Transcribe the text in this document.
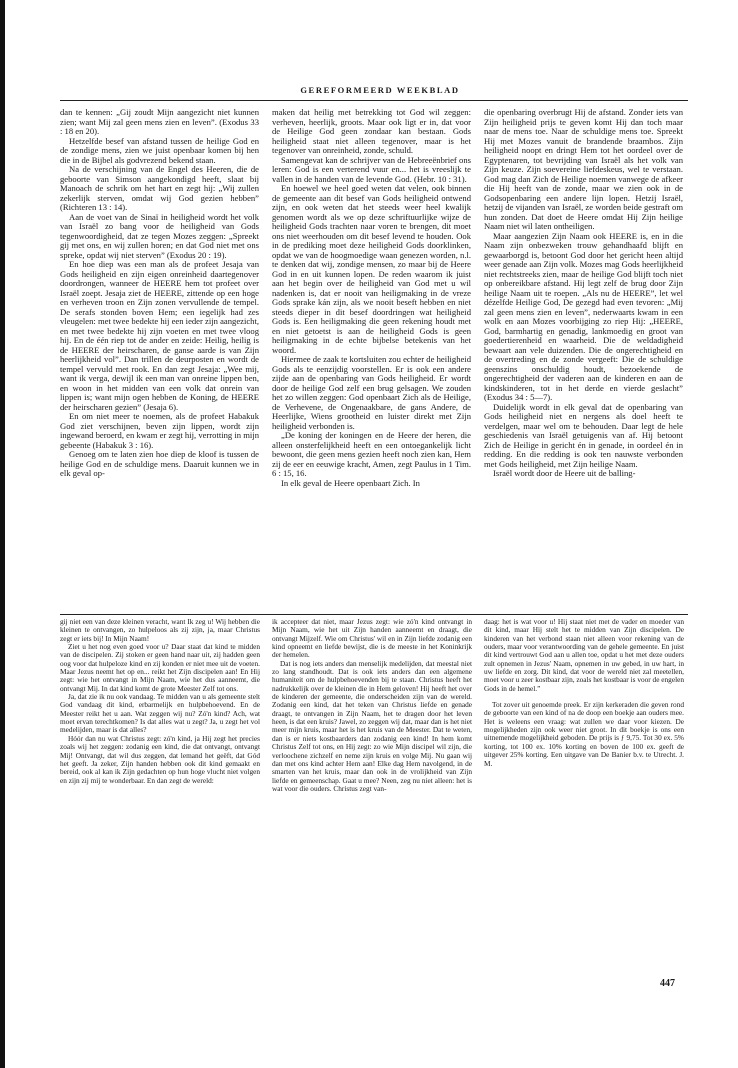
GEREFORMEERD WEEKBLAD

dan te kennen: „Gij zoudt Mijn aangezicht niet kunnen zien; want Mij zal geen mens zien en leven”. (Exodus 33 : 18 en 20).

Hetzelfde besef van afstand tussen de heilige God en de zondige mens, zien we juist openbaar komen bij hen die in de Bijbel als godvrezend bekend staan.

Na de verschijning van de Engel des Heeren, die de geboorte van Simson aangekondigd heeft, slaat bij Manoach de schrik om het hart en zegt hij: „Wij zullen zekerlijk sterven, omdat wij God gezien hebben” (Richteren 13 : 14).

Aan de voet van de Sinaï in heiligheid wordt het volk van Israël zo bang voor de heiligheid van Gods tegenwoordigheid, dat ze tegen Mozes zeggen: „Spreekt gij met ons, en wij zullen horen; en dat God niet met ons spreke, opdat wij niet sterven” (Exodus 20 : 19).

En hoe diep was een man als de profeet Jesaja van Gods heiligheid en zijn eigen onreinheid daartegenover doordrongen, wanneer de HEERE hem tot profeet over Israël zoept. Jesaja ziet de HEERE, zittende op een hoge en verheven troon en Zijn zonen vervullende de tempel. De serafs stonden boven Hem; een iegelijk had zes vleugelen: met twee bedekte hij een ieder zijn aangezicht, en met twee bedekte hij zijn voeten en met twee vloog hij. En de één riep tot de ander en zeide: Heilig, heilig is de HEERE der heirscharen, de ganse aarde is van Zijn heerlijkheid vol”. Dan trillen de deurposten en wordt de tempel vervuld met rook. En dan zegt Jesaja: „Wee mij, want ik verga, dewijl ik een man van onreine lippen ben, en woon in het midden van een volk dat onrein van lippen is; want mijn ogen hebben de Koning, de HEERE der heirscharen gezien” (Jesaja 6).

En om niet meer te noemen, als de profeet Habakuk God ziet verschijnen, beven zijn lippen, wordt zijn ingewand beroerd, en kwam er zegt hij, verrotting in mijn gebeente (Habakuk 3 : 16).

Genoeg om te laten zien hoe diep de kloof is tussen de heilige God en de schuldige mens. Daaruit kunnen we in elk geval op-

maken dat heilig met betrekking tot God wil zeggen: verheven, heerlijk, groots. Maar ook ligt er in, dat voor de Heilige God geen zondaar kan bestaan. Gods heiligheid staat niet alleen tegenover, maar is het tegenover van onreinheid, zonde, schuld.

Samengevat kan de schrijver van de Hebreeënbrief ons leren: God is een verterend vuur en... het is vreeslijk te vallen in de handen van de levende God. (Hebr. 10 : 31).

En hoewel we heel goed weten dat velen, ook binnen de gemeente aan dit besef van Gods heiligheid ontwend zijn, en ook weten dat het steeds weer heel kwalijk genomen wordt als we op deze schriftuurlijke wijze de heiligheid Gods trachten naar voren te brengen, dit moet ons niet weerhouden om dit besef levend te houden. Ook in de prediking moet deze heiligheid Gods doorklinken, opdat we van de hoogmoedige waan genezen worden, n.l. te denken dat wij, zondige mensen, zo maar bij de Heere God in en uit kunnen lopen. De reden waarom ik juist aan het begin over de heiligheid van God met u wil nadenken is, dat er nooit van heiligmaking in de vreze Gods sprake kán zijn, als we nooit beseft hebben en niet steeds dieper in dit besef doordringen wat heiligheid Gods is. Een heiligmaking die geen rekening houdt met en niet getoetst is aan de heiligheid Gods is geen heiligmaking in de echte bijbelse betekenis van het woord.

Hiermee de zaak te kortsluiten zou echter de heiligheid Gods als te eenzijdig voorstellen. Er is ook een andere zijde aan de openbaring van Gods heiligheid. Er wordt door de heilige God zelf een brug gelsagen. We zouden het zo willen zeggen: God openbaart Zich als de Heilige, de Verhevene, de Ongenaakbare, de gans Andere, de Heerlijke, Wiens grootheid en luister direkt met Zijn heiligheid verbonden is.

„De koning der koningen en de Heere der heren, die alleen onsterfelijkheid heeft en een ontoegankelijk licht bewoont, die geen mens gezien heeft noch zien kan, Hem zij de eer en eeuwige kracht, Amen, zegt Paulus in 1 Tim. 6 : 15, 16.

In elk geval de Heere openbaart Zich. In

die openbaring overbrugt Hij de afstand. Zonder iets van Zijn heiligheid prijs te geven komt Hij dan toch maar naar de mens toe. Naar de schuldige mens toe. Spreekt Hij met Mozes vanuit de brandende braambos. Zijn heiligheid noopt en dringt Hem tot het oordeel over de Egyptenaren, tot bevrijding van Israël als het volk van Zijn keuze. Zijn soevereine liefdeskeus, wel te verstaan. God mag dan Zich de Heilige noemen vanwege de afkeer die Hij heeft van de zonde, maar we zien ook in de Godsopenbaring een andere lijn lopen. Hetzij Israël, hetzij de vijanden van Israël, ze worden beide gestraft om hun zonden. Dat doet de Heere omdat Hij Zijn heilige Naam niet wil laten ontheiligen.

Maar aangezien Zijn Naam ook HEERE is, en in die Naam zijn onbezweken trouw gehandhaafd blijft en gewaarborgd is, betoont God door het gericht heen altijd weer genade aan Zijn volk. Mozes mag Gods heerlijkheid niet rechtstreeks zien, maar de heilige God blijft toch niet op onbereikbare afstand. Hij legt zelf de brug door Zijn heilige Naam uit te roepen. „Als nu de HEERE”, let wel dézelfde Heilige God, De gezegd had even tevoren: „Mij zal geen mens zien en leven”, nederwaarts kwam in een wolk en aan Mozes voorbijging zo riep Hij: „HEERE, God, barmhartig en genadig, lankmoedig en groot van goedertierenheid en waarheid. Die de weldadigheid bewaart aan vele duizenden. Die de ongerechtigheid en de overtreding en de zonde vergeeft: Die de schuldige geenszins onschuldig houdt, bezoekende de ongerechtigheid der vaderen aan de kinderen en aan de kindskinderen, tot in het derde en vierde geslacht” (Exodus 34 : 5—7).

Duidelijk wordt in elk geval dat de openbaring van Gods heiligheid niet en nergens als doel heeft te verdelgen, maar wel om te behouden. Daar legt de hele geschiedenis van Israël getuigenis van af. Hij betoont Zich de Heilige in gericht én in genade, in oordeel én in redding. En die redding is ook ten nauwste verbonden met Gods heiligheid, met Zijn heilige Naam.

Israël wordt door de Heere uit de balling-

gij niet een van deze kleinen veracht, want Ik zeg u! Wij hebben die kleinen te ontvangen, zo hulpeloos als zij zijn, ja, maar Christus zegt er iets bij! In Mijn Naam!

Ziet u het nog even goed voor u? Daar staat dat kind te midden van de discipelen. Zij stoken er geen hand naar uit, zij hadden geen oog voor dat hulpeloze kind en zij konden er niet mee uit de voeten. Maar Jezus neemt het op en... reikt het Zijn discipelen aan! En Hij zegt: wie het ontvangt in Mijn Naam, wie het dus aanneemt, die ontvangt Mij. In dat kind komt de grote Meester Zelf tot ons.

Ja, dat zie ik nu ook vandaag. Te midden van u als gemeente stelt God vandaag dit kind, erbarmelijk en hulpbehoevend. En de Meester reikt het u aan. Wat zeggen wij nu? Zó'n kind? Ach, wat moet ervan terechtkomen? Is dat alles wat u zegt? Ja, u zegt het vol medelijden, maar is dat alles?

Hóór dan nu wat Christus zegt: zó'n kind, ja Hij zegt het precies zoals wij het zeggen: zodanig een kind, die dat ontvangt, ontvangt Mij! Ontvangt, dat wil dus zeggen, dat lemand het geëft, dat Gód het geeft. Ja zeker, Zijn handen hebben ook dit kind gemaakt en bereid, ook al kan ik Zijn gedachten op hun hoge vlucht niet volgen en zijn zij mij te wonderbaar. En dan zegt de wereld:

ik accepteer dat niet, maar Jezus zegt: wie zó'n kind ontvangt in Mijn Naam, wie het uit Zijn handen aanneemt en draagt, die ontvangt Mijzelf. Wie om Christus' wil en in Zijn liefde zodanig een kind opneemt en liefde bewijst, die is de meeste in het Koninkrijk der hemelen.

Dat is nog iets anders dan menselijk medelijden, dat meestal niet zo lang standhoudt. Dat is ook iets anders dan een algemene humaniteit om de hulpbehoevenden bij te staan. Christus heeft het nadrukkelijk over de kleinen die in Hem geloven! Hij heeft het over de kinderen der gemeente, die onderscheiden zijn van de wereld. Zodanig een kind, dat het teken van Christus liefde en genade draagt, te ontvangen in Zijn Naam, het te dragen door het leven heen, is dat een kruis? Jawel, zo zeggen wij dat, maar dan is het niet meer mijn kruis, maar het is het kruis van de Meester. Dat te weten, dan is er niets kostbaarders dan zodanig een kind! In hem komt Christus Zelf tot ons, en Hij zegt: zo wie Mijn discipel wil zijn, die verloochene zichzelf en neme zijn kruis en volge Mij. Nu gaan wij dan met ons kind achter Hem aan! Elke dag Hem navolgend, in de smarten van het kruis, maar dan ook in de vrolijkheid van Zijn liefde en gemeenschap. Gaat u mee? Neen, zeg nu niet alleen: het is wat voor die ouders. Christus zegt van-

daag: het is wat voor u! Hij staat niet met de vader en moeder van dit kind, maar Hij stelt het te midden van Zijn discipelen. De kinderen van het verbond staan niet alleen voor rekening van de ouders, maar voor verantwoording van de gehele gemeente. En juist dit kind vertrouwt God aan u allen toe, opdat u het met deze ouders zult opnemen in Jezus' Naam, opnemen in uw gebed, in uw hart, in uw liefde en zorg. Dit kind, dat voor de wereld niet zal meetellen, moet voor u zeer kostbaar zijn, zoals het kostbaar is voor de engelen Gods in de hemel.”

Tot zover uit genoemde preek. Er zijn kerkeraden die geven rond de geboorte van een kind of na de doop een boekje aan ouders mee. Het is weleens een vraag: wat zullen we daar voor kiezen. De mogelijkheden zijn ook weer niet groot. In dit boekje is ons een uitnemende mogelijkheid geboden. De prijs is ƒ 9,75. Tot 30 ex. 5% korting, tot 100 ex. 10% korting en boven de 100 ex. geeft de uitgever 25% korting. Een uitgave van De Banier b.v. te Utrecht. J. M.

447
